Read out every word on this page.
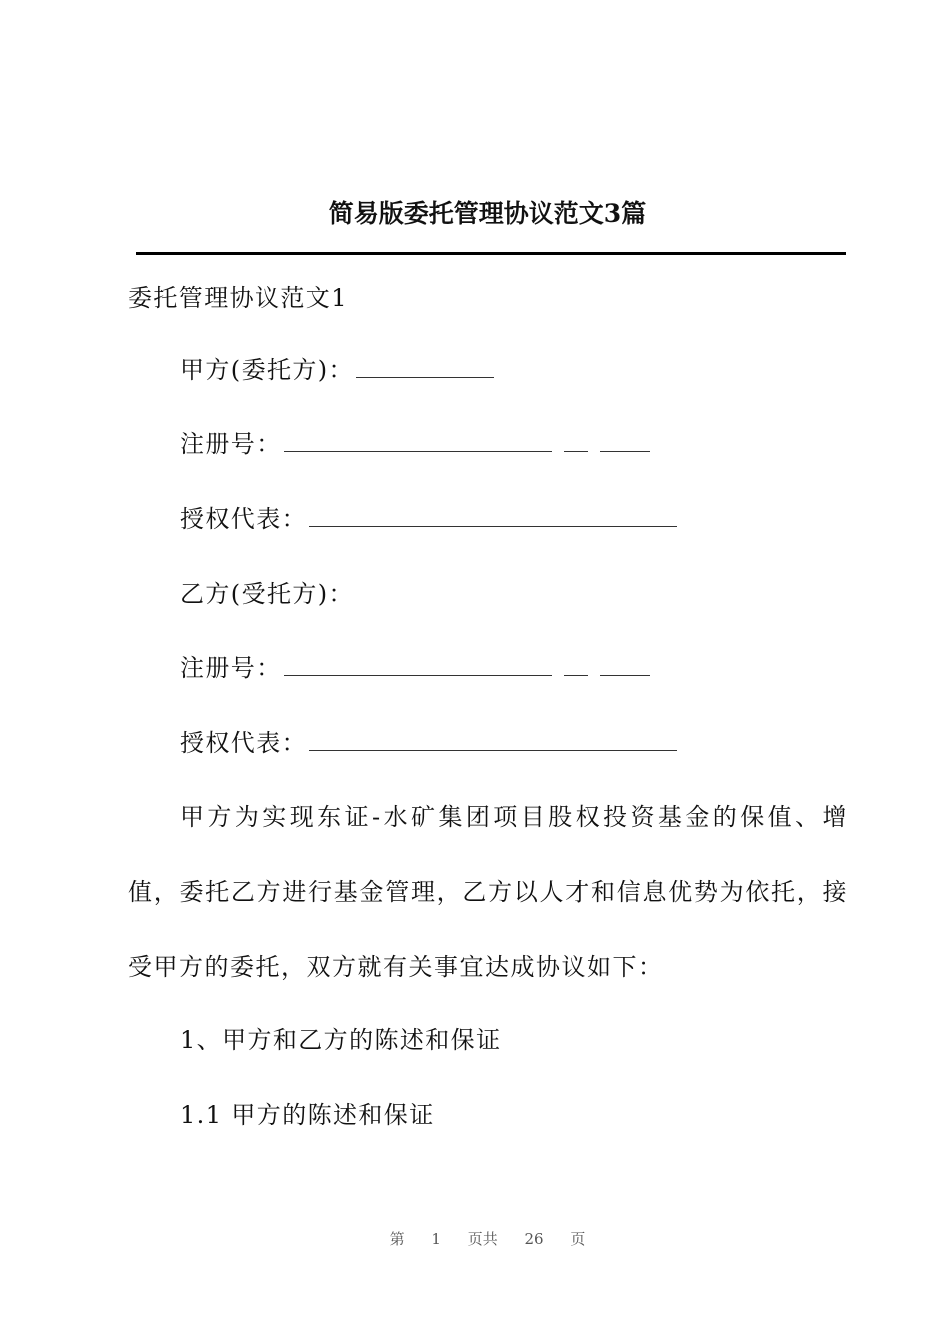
简易版委托管理协议范文3篇
委托管理协议范文1
甲方(委托方)：
注册号：
授权代表：
乙方(受托方)：
注册号：
授权代表：
甲方为实现东证-水矿集团项目股权投资基金的保值、增值，委托乙方进行基金管理，乙方以人才和信息优势为依托，接受甲方的委托，双方就有关事宜达成协议如下：
1、甲方和乙方的陈述和保证
1.1 甲方的陈述和保证
第 1 页共 26 页
